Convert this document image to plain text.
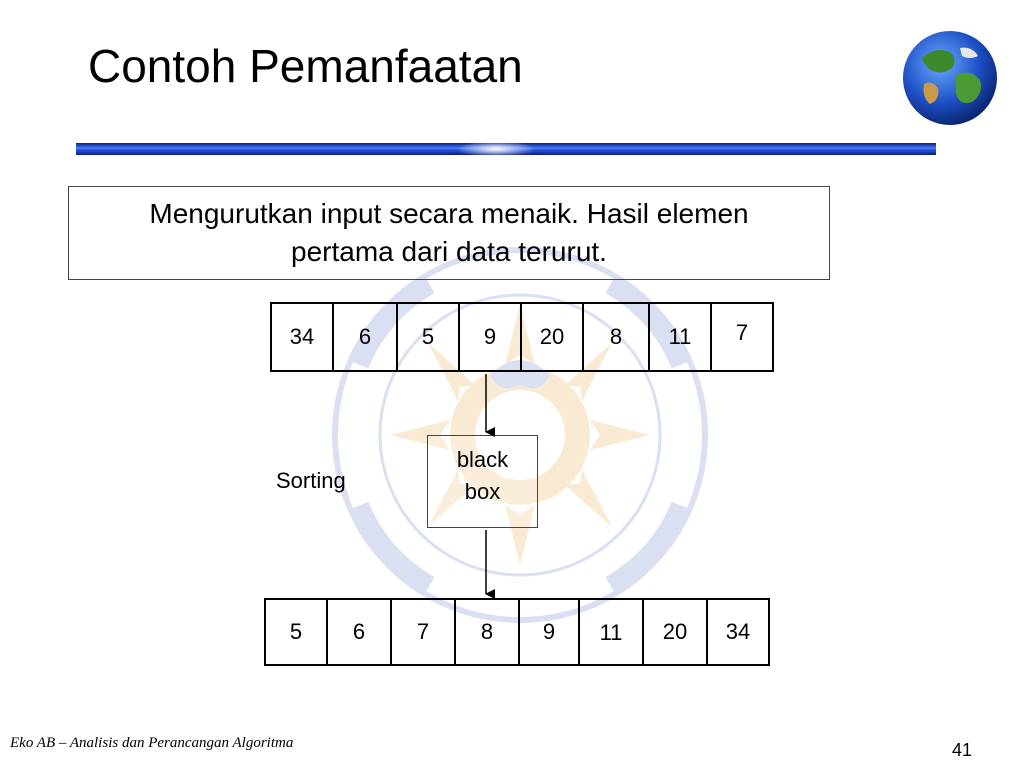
Contoh Pemanfaatan
Mengurutkan input secara menaik. Hasil elemen
pertama dari data terurut.
34	6	5	9	20	8	11	7
black
box
Sorting
5	6	7	8	9	11	20	34
Eko AB – Analisis dan Perancangan Algoritma	41
